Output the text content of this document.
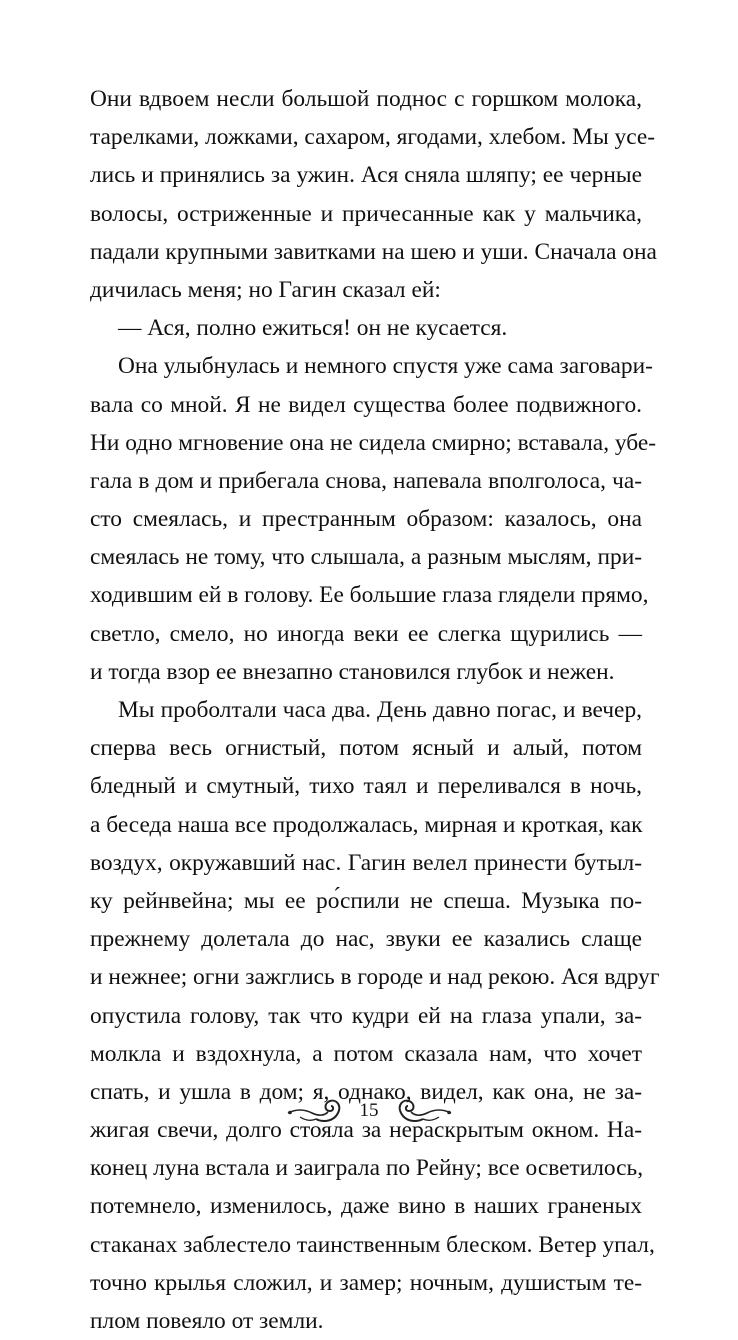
Они вдвоем несли большой поднос с горшком молока,
тарелками, ложками, сахаром, ягодами, хлебом. Мы усе-
лись и принялись за ужин. Ася сняла шляпу; ее черные
волосы, остриженные и причесанные как у мальчика,
падали крупными завитками на шею и уши. Сначала она
дичилась меня; но Гагин сказал ей:
— Ася, полно ежиться! он не кусается.
Она улыбнулась и немного спустя уже сама заговари-
вала со мной. Я не видел существа более подвижного.
Ни одно мгновение она не сидела смирно; вставала, убе-
гала в дом и прибегала снова, напевала вполголоса, ча-
сто смеялась, и престранным образом: казалось, она
смеялась не тому, что слышала, а разным мыслям, при-
ходившим ей в голову. Ее большие глаза глядели прямо,
светло, смело, но иногда веки ее слегка щурились —
и тогда взор ее внезапно становился глубок и нежен.
Мы проболтали часа два. День давно погас, и вечер,
сперва весь огнистый, потом ясный и алый, потом
бледный и смутный, тихо таял и переливался в ночь,
а беседа наша все продолжалась, мирная и кроткая, как
воздух, окружавший нас. Гагин велел принести бутыл-
ку рейнвейна; мы ее ро́спили не спеша. Музыка по-
прежнему долетала до нас, звуки ее казались слаще
и нежнее; огни зажглись в городе и над рекою. Ася вдруг
опустила голову, так что кудри ей на глаза упали, за-
молкла и вздохнула, а потом сказала нам, что хочет
спать, и ушла в дом; я, однако, видел, как она, не за-
жигая свечи, долго стояла за нераскрытым окном. На-
конец луна встала и заиграла по Рейну; все осветилось,
потемнело, изменилось, даже вино в наших граненых
стаканах заблестело таинственным блеском. Ветер упал,
точно крылья сложил, и замер; ночным, душистым те-
плом повеяло от земли.
15
